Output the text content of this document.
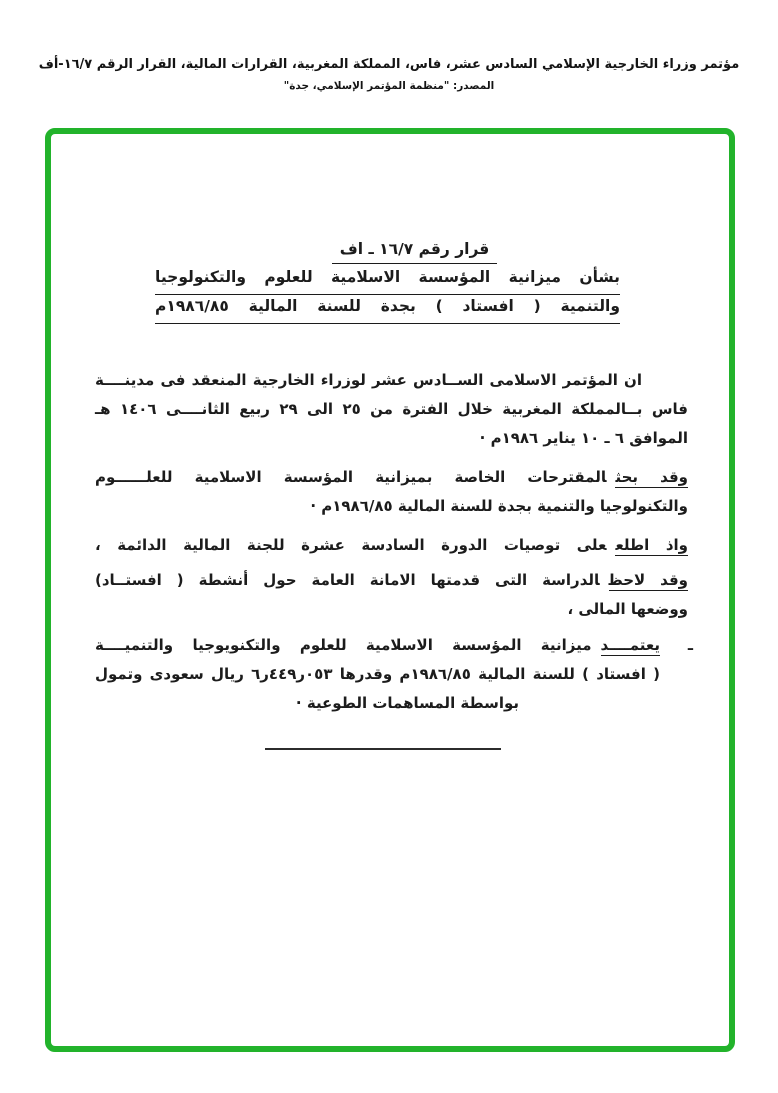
مؤتمر وزراء الخارجية الإسلامي السادس عشر، فاس، المملكة المغربية، القرارات المالية، القرار الرقم ١٦/٧-أف
المصدر: "منظمة المؤتمر الإسلامي، جدة"
قرار رقم ١٦/٧ ـ اف
بشأن ميزانية المؤسسة الاسلامية للعلوم والتكنولوجيا
والتنمية ( افستاد ) بجدة للسنة المالية ١٩٨٦/٨٥م
ان المؤتمر الاسلامى الســادس عشر لوزراء الخارجية المنعقد فى مدينــــة
فاس بــالمملكة المغربية خلال الفترة من ٢٥ الى ٢٩ ربيع الثانــــى ١٤٠٦ هـ
الموافق ٦ ـ ١٠ يناير ١٩٨٦م ·
وقد بحثالمقترحات الخاصة بميزانية المؤسسة الاسلامية للعلــــــوم
والتكنولوجيا والتنمية بجدة للسنة المالية ١٩٨٦/٨٥م ·
واذ اطلععلى توصيات الدورة السادسة عشرة للجنة المالية الدائمة ،
وقد لاحظالدراسة التى قدمتها الامانة العامة حول أنشطة ( افستــاد)
ووضعها المالى ،
ـ
يعتمــــدميزانية المؤسسة الاسلامية للعلوم والتكنويوجيا والتنميــــة
( افستاد ) للسنة المالية ١٩٨٦/٨٥م وقدرها ‭٦ر٤٤٩ر٠٥٣‬ ريال سعودى وتمول
بواسطة المساهمات الطوعية ·
